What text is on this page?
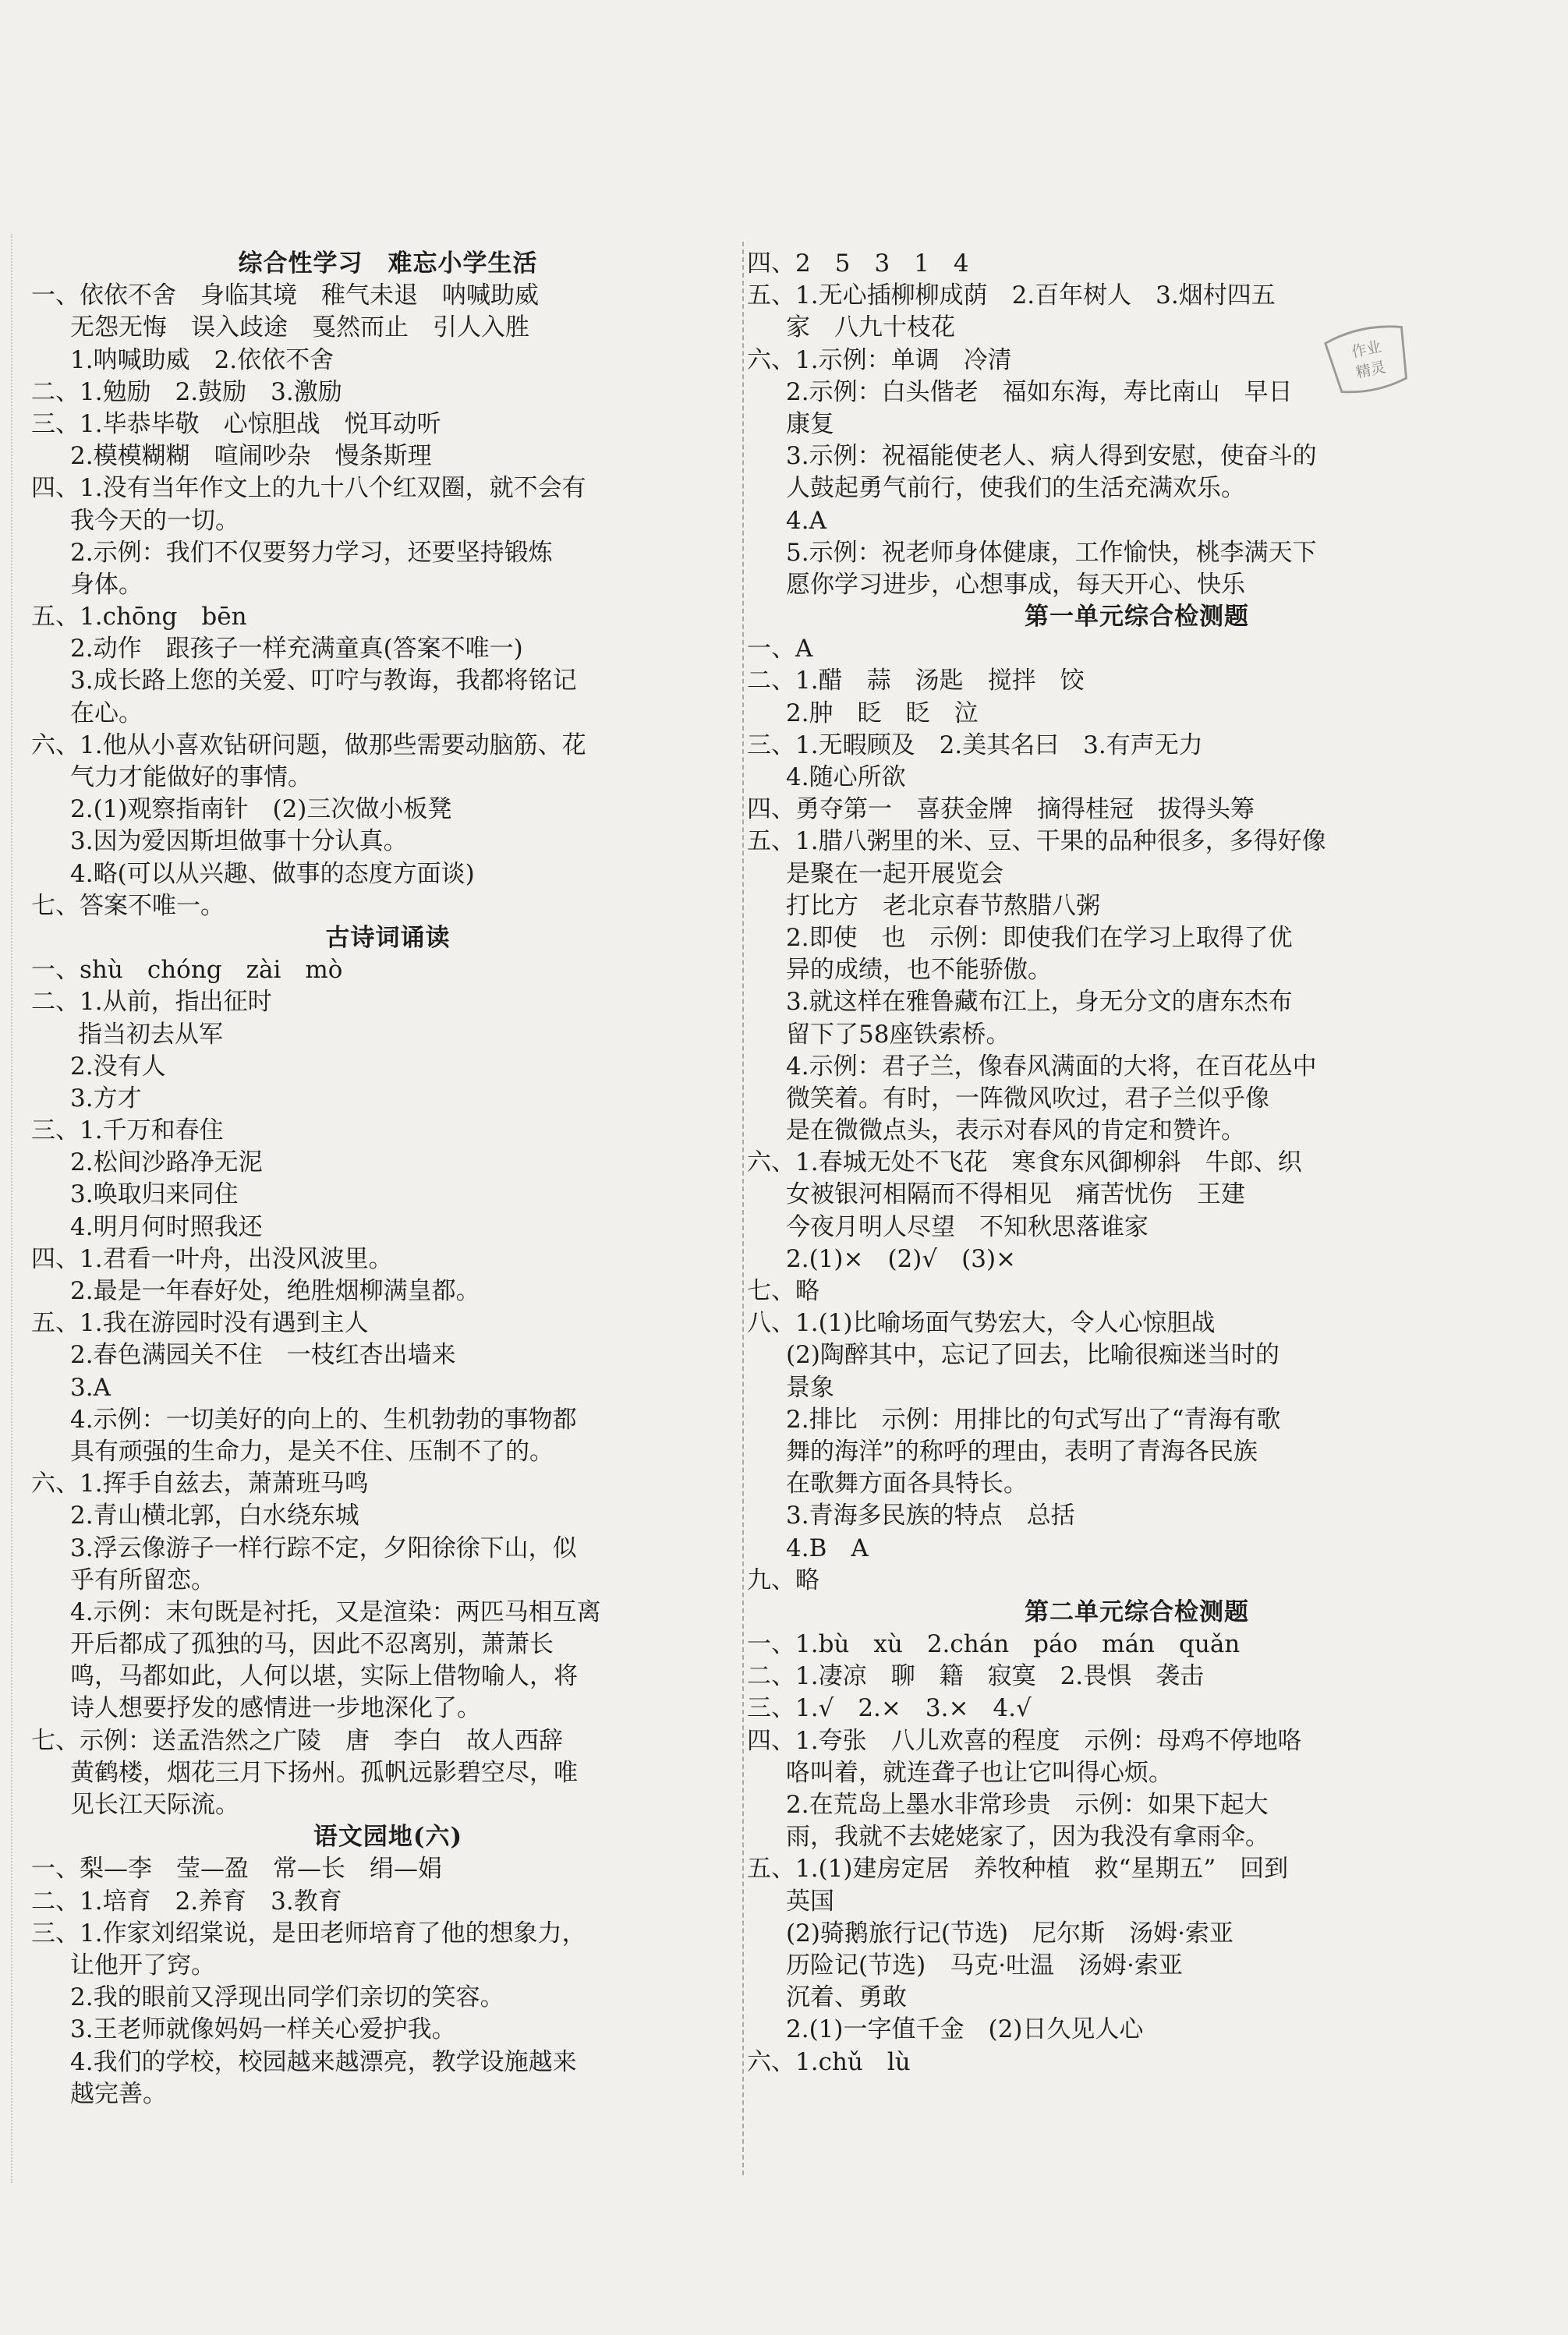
综合性学习　难忘小学生活
一、依依不舍　身临其境　稚气未退　呐喊助威
无怨无悔　误入歧途　戛然而止　引人入胜
1.呐喊助威　2.依依不舍
二、1.勉励　2.鼓励　3.激励
三、1.毕恭毕敬　心惊胆战　悦耳动听
2.模模糊糊　喧闹吵杂　慢条斯理
四、1.没有当年作文上的九十八个红双圈，就不会有
我今天的一切。
2.示例：我们不仅要努力学习，还要坚持锻炼
身体。
五、1.chōng　bēn
2.动作　跟孩子一样充满童真(答案不唯一)
3.成长路上您的关爱、叮咛与教诲，我都将铭记
在心。
六、1.他从小喜欢钻研问题，做那些需要动脑筋、花
气力才能做好的事情。
2.(1)观察指南针　(2)三次做小板凳
3.因为爱因斯坦做事十分认真。
4.略(可以从兴趣、做事的态度方面谈)
七、答案不唯一。
古诗词诵读
一、shù　chóng　zài　mò
二、1.从前，指出征时
指当初去从军
2.没有人
3.方才
三、1.千万和春住
2.松间沙路净无泥
3.唤取归来同住
4.明月何时照我还
四、1.君看一叶舟，出没风波里。
2.最是一年春好处，绝胜烟柳满皇都。
五、1.我在游园时没有遇到主人
2.春色满园关不住　一枝红杏出墙来
3.A
4.示例：一切美好的向上的、生机勃勃的事物都
具有顽强的生命力，是关不住、压制不了的。
六、1.挥手自兹去，萧萧班马鸣
2.青山横北郭，白水绕东城
3.浮云像游子一样行踪不定，夕阳徐徐下山，似
乎有所留恋。
4.示例：末句既是衬托，又是渲染：两匹马相互离
开后都成了孤独的马，因此不忍离别，萧萧长
鸣，马都如此，人何以堪，实际上借物喻人，将
诗人想要抒发的感情进一步地深化了。
七、示例：送孟浩然之广陵　唐　李白　故人西辞
黄鹤楼，烟花三月下扬州。孤帆远影碧空尽，唯
见长江天际流。
语文园地(六)
一、梨—李　莹—盈　常—长　绢—娟
二、1.培育　2.养育　3.教育
三、1.作家刘绍棠说，是田老师培育了他的想象力，
让他开了窍。
2.我的眼前又浮现出同学们亲切的笑容。
3.王老师就像妈妈一样关心爱护我。
4.我们的学校，校园越来越漂亮，教学设施越来
越完善。
四、2　5　3　1　4
五、1.无心插柳柳成荫　2.百年树人　3.烟村四五
家　八九十枝花
六、1.示例：单调　冷清
2.示例：白头偕老　福如东海，寿比南山　早日
康复
3.示例：祝福能使老人、病人得到安慰，使奋斗的
人鼓起勇气前行，使我们的生活充满欢乐。
4.A
5.示例：祝老师身体健康，工作愉快，桃李满天下
愿你学习进步，心想事成，每天开心、快乐
第一单元综合检测题
一、A
二、1.醋　蒜　汤匙　搅拌　饺
2.肿　眨　眨　泣
三、1.无暇顾及　2.美其名曰　3.有声无力
4.随心所欲
四、勇夺第一　喜获金牌　摘得桂冠　拔得头筹
五、1.腊八粥里的米、豆、干果的品种很多，多得好像
是聚在一起开展览会
打比方　老北京春节熬腊八粥
2.即使　也　示例：即使我们在学习上取得了优
异的成绩，也不能骄傲。
3.就这样在雅鲁藏布江上，身无分文的唐东杰布
留下了58座铁索桥。
4.示例：君子兰，像春风满面的大将，在百花丛中
微笑着。有时，一阵微风吹过，君子兰似乎像
是在微微点头，表示对春风的肯定和赞许。
六、1.春城无处不飞花　寒食东风御柳斜　牛郎、织
女被银河相隔而不得相见　痛苦忧伤　王建
今夜月明人尽望　不知秋思落谁家
2.(1)×　(2)√　(3)×
七、略
八、1.(1)比喻场面气势宏大，令人心惊胆战
(2)陶醉其中，忘记了回去，比喻很痴迷当时的
景象
2.排比　示例：用排比的句式写出了“青海有歌
舞的海洋”的称呼的理由，表明了青海各民族
在歌舞方面各具特长。
3.青海多民族的特点　总括
4.B　A
九、略
第二单元综合检测题
一、1.bù　xù　2.chán　páo　mán　quǎn
二、1.凄凉　聊　籍　寂寞　2.畏惧　袭击
三、1.√　2.×　3.×　4.√
四、1.夸张　八儿欢喜的程度　示例：母鸡不停地咯
咯叫着，就连聋子也让它叫得心烦。
2.在荒岛上墨水非常珍贵　示例：如果下起大
雨，我就不去姥姥家了，因为我没有拿雨伞。
五、1.(1)建房定居　养牧种植　救“星期五”　回到
英国
(2)骑鹅旅行记(节选)　尼尔斯　汤姆·索亚
历险记(节选)　马克·吐温　汤姆·索亚
沉着、勇敢
2.(1)一字值千金　(2)日久见人心
六、1.chǔ　lù
作业
精灵
